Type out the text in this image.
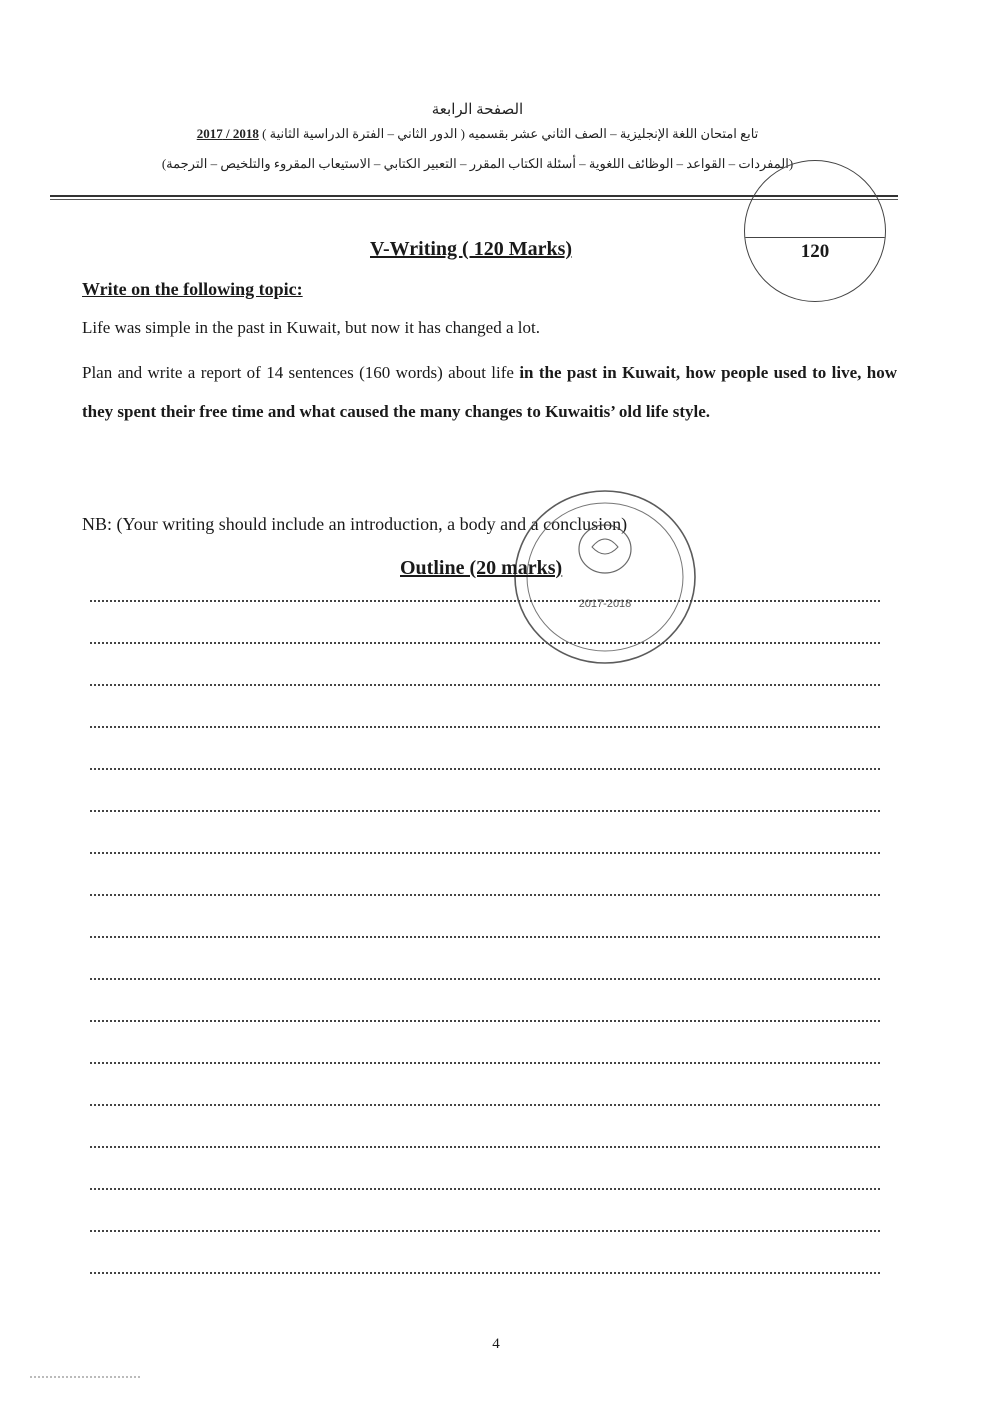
الصفحة الرابعة
تابع امتحان اللغة الإنجليزية – الصف الثاني عشر بقسميه ( الدور الثاني – الفترة الدراسية الثانية ) 2018 / 2017
(المفردات – القواعد – الوظائف اللغوية – أسئلة الكتاب المقرر – التعبير الكتابي – الاستيعاب المقروء والتلخيص – الترجمة)
120
V-Writing ( 120 Marks)
Write on the following topic:
Life was simple in the past in Kuwait, but now it has changed a lot.
Plan and write a report of 14 sentences (160 words) about life in the past in Kuwait, how people used to live, how they spent their free time and what caused the many changes to Kuwaitis’ old life style.
NB: (Your writing should include an introduction, a body and a conclusion)
2017-2018
Outline (20 marks)
4
